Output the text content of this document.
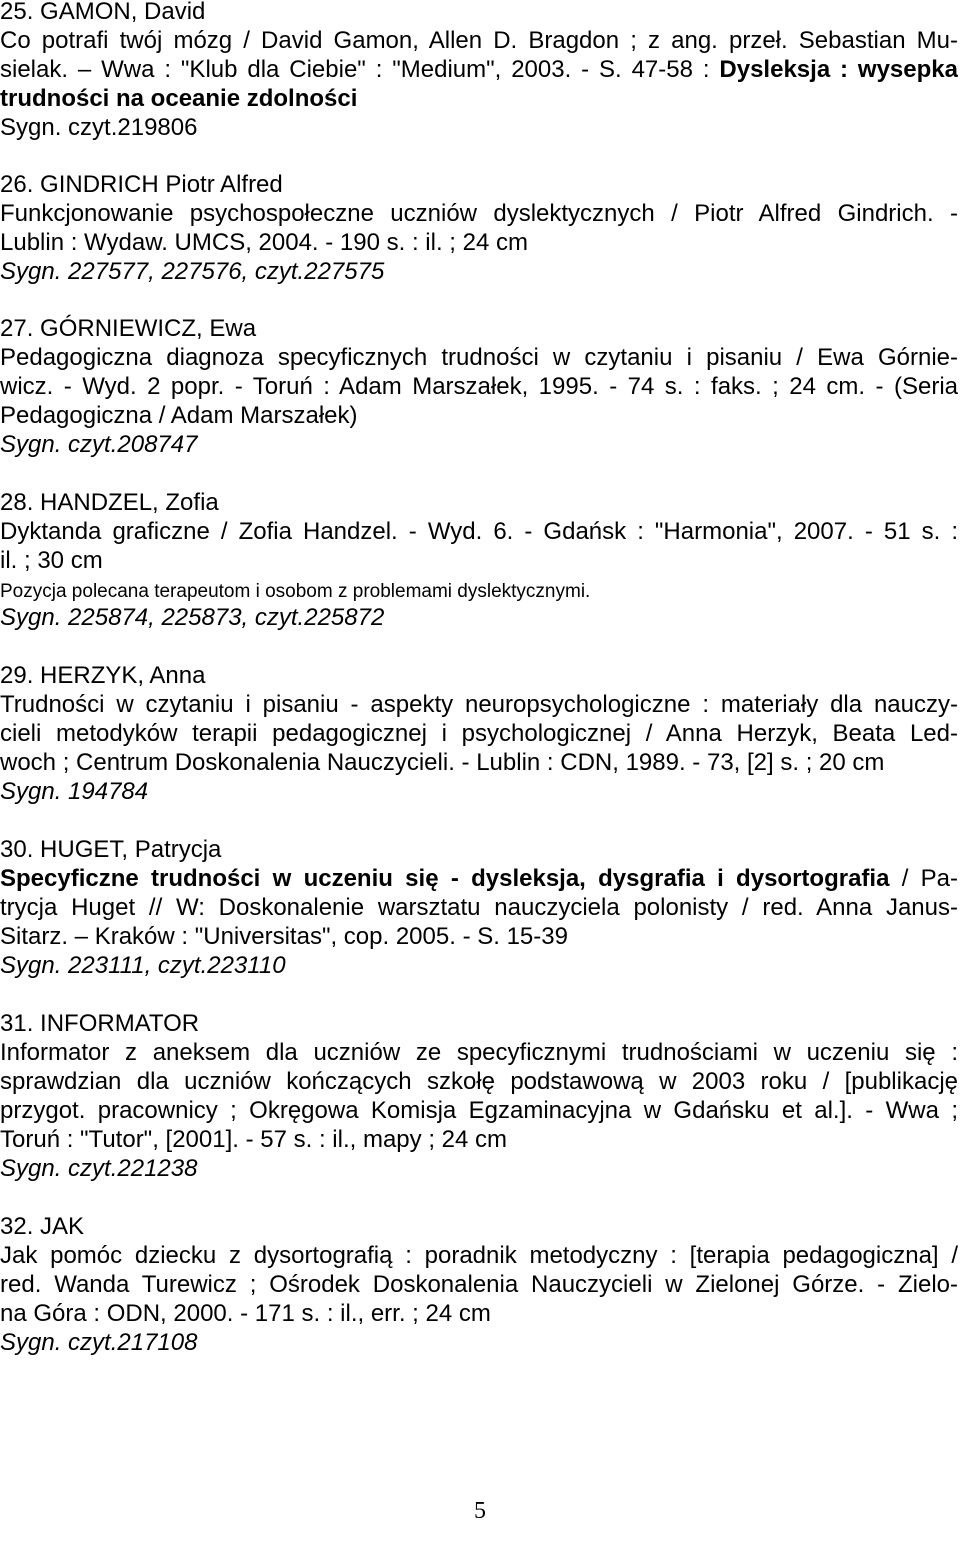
25. GAMON, David
Co potrafi twój mózg / David Gamon, Allen D. Bragdon ; z ang. przeł. Sebastian Mu-
sielak. – Wwa : "Klub dla Ciebie" : "Medium", 2003. - S. 47-58 : Dysleksja : wysepka
trudności na oceanie zdolności
Sygn. czyt.219806
26. GINDRICH Piotr Alfred
Funkcjonowanie psychospołeczne uczniów dyslektycznych / Piotr Alfred Gindrich. -
Lublin : Wydaw. UMCS, 2004. - 190 s. : il. ; 24 cm
Sygn. 227577, 227576, czyt.227575
27. GÓRNIEWICZ, Ewa
Pedagogiczna diagnoza specyficznych trudności w czytaniu i pisaniu / Ewa Górnie-
wicz. - Wyd. 2 popr. - Toruń : Adam Marszałek, 1995. - 74 s. : faks. ; 24 cm. - (Seria
Pedagogiczna / Adam Marszałek)
Sygn. czyt.208747
28. HANDZEL, Zofia
Dyktanda graficzne / Zofia Handzel. - Wyd. 6. - Gdańsk : "Harmonia", 2007. - 51 s. :
il. ; 30 cm
Pozycja polecana terapeutom i osobom z problemami dyslektycznymi.
Sygn. 225874, 225873, czyt.225872
29. HERZYK, Anna
Trudności w czytaniu i pisaniu - aspekty neuropsychologiczne : materiały dla nauczy-
cieli metodyków terapii pedagogicznej i psychologicznej / Anna Herzyk, Beata Led-
woch ; Centrum Doskonalenia Nauczycieli. - Lublin : CDN, 1989. - 73, [2] s. ; 20 cm
Sygn. 194784
30. HUGET, Patrycja
Specyficzne trudności w uczeniu się - dysleksja, dysgrafia i dysortografia / Pa-
trycja Huget // W: Doskonalenie warsztatu nauczyciela polonisty / red. Anna Janus-
Sitarz. – Kraków : "Universitas", cop. 2005. - S. 15-39
Sygn. 223111, czyt.223110
31. INFORMATOR
Informator z aneksem dla uczniów ze specyficznymi trudnościami w uczeniu się :
sprawdzian dla uczniów kończących szkołę podstawową w 2003 roku / [publikację
przygot. pracownicy ; Okręgowa Komisja Egzaminacyjna w Gdańsku et al.]. - Wwa ;
Toruń : "Tutor", [2001]. - 57 s. : il., mapy ; 24 cm
Sygn. czyt.221238
32. JAK
Jak pomóc dziecku z dysortografią : poradnik metodyczny : [terapia pedagogiczna] /
red. Wanda Turewicz ; Ośrodek Doskonalenia Nauczycieli w Zielonej Górze. - Zielo-
na Góra : ODN, 2000. - 171 s. : il., err. ; 24 cm
Sygn. czyt.217108
5
